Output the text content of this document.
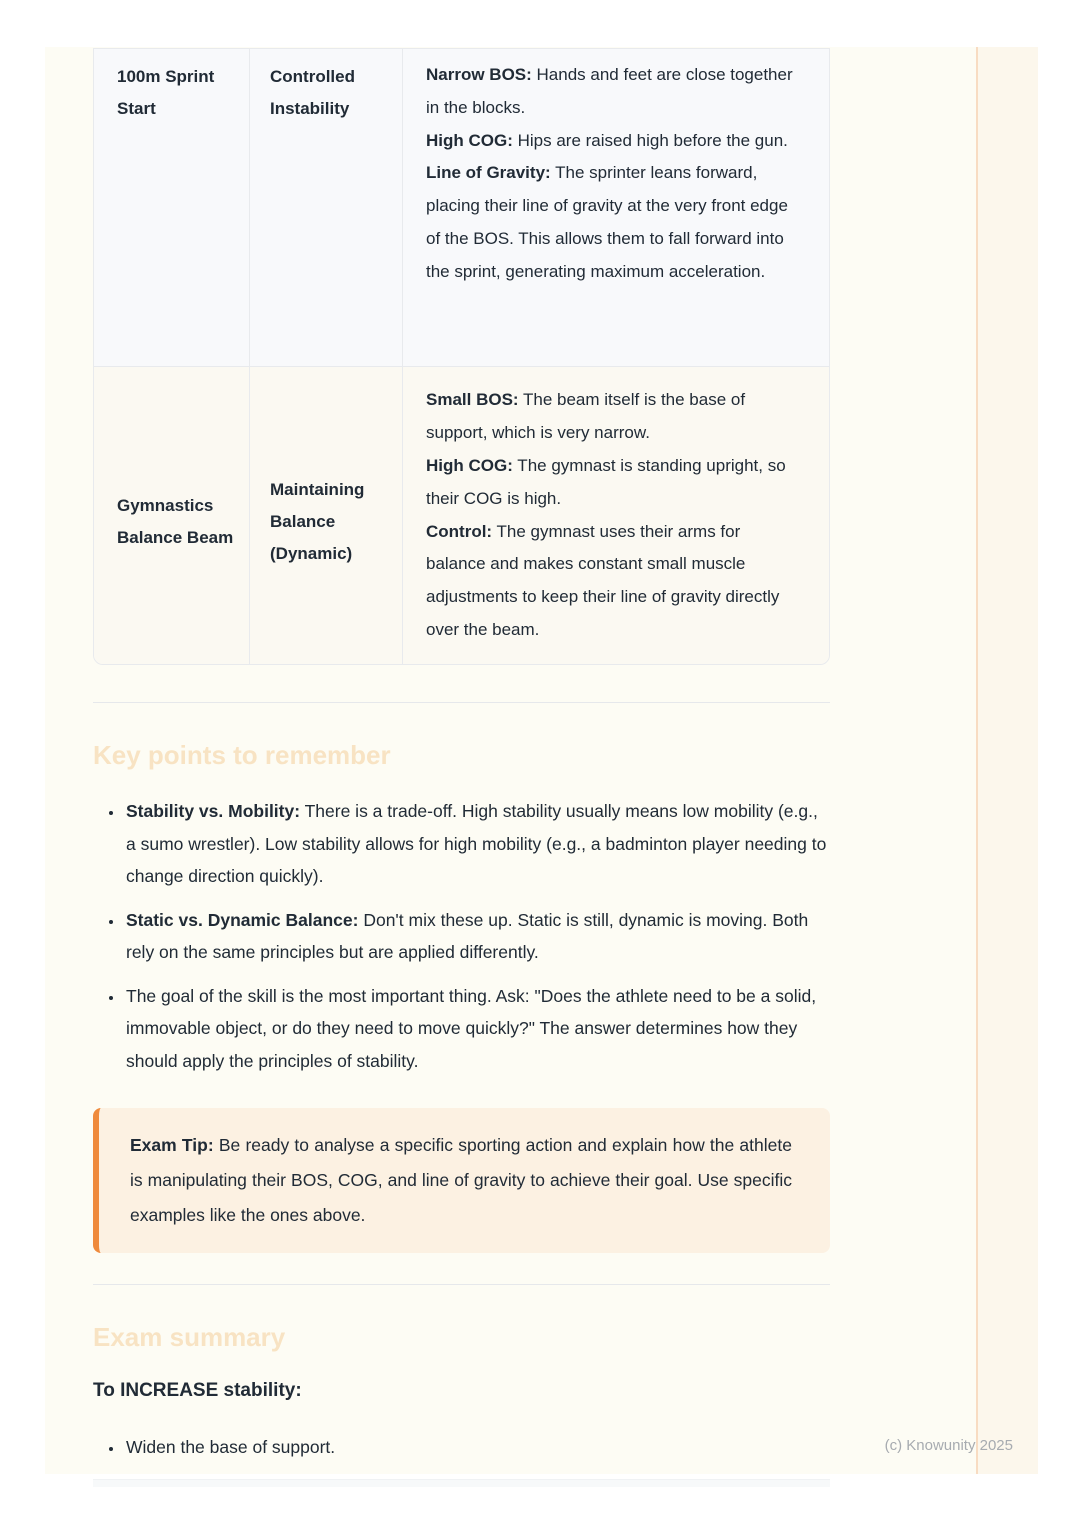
100m Sprint Start
Controlled Instability
Narrow BOS: Hands and feet are close together in the blocks.
High COG: Hips are raised high before the gun.
Line of Gravity: The sprinter leans forward, placing their line of gravity at the very front edge of the BOS. This allows them to fall forward into the sprint, generating maximum acceleration.
Gymnastics Balance Beam
Maintaining Balance (Dynamic)
Small BOS: The beam itself is the base of support, which is very narrow.
High COG: The gymnast is standing upright, so their COG is high.
Control: The gymnast uses their arms for balance and makes constant small muscle adjustments to keep their line of gravity directly over the beam.
Key points to remember
• Stability vs. Mobility: There is a trade-off. High stability usually means low mobility (e.g., a sumo wrestler). Low stability allows for high mobility (e.g., a badminton player needing to change direction quickly).
• Static vs. Dynamic Balance: Don't mix these up. Static is still, dynamic is moving. Both rely on the same principles but are applied differently.
• The goal of the skill is the most important thing. Ask: "Does the athlete need to be a solid, immovable object, or do they need to move quickly?" The answer determines how they should apply the principles of stability.
Exam Tip: Be ready to analyse a specific sporting action and explain how the athlete is manipulating their BOS, COG, and line of gravity to achieve their goal. Use specific examples like the ones above.
Exam summary

To INCREASE stability:

• Widen the base of support.	(c) Knowunity 2025
